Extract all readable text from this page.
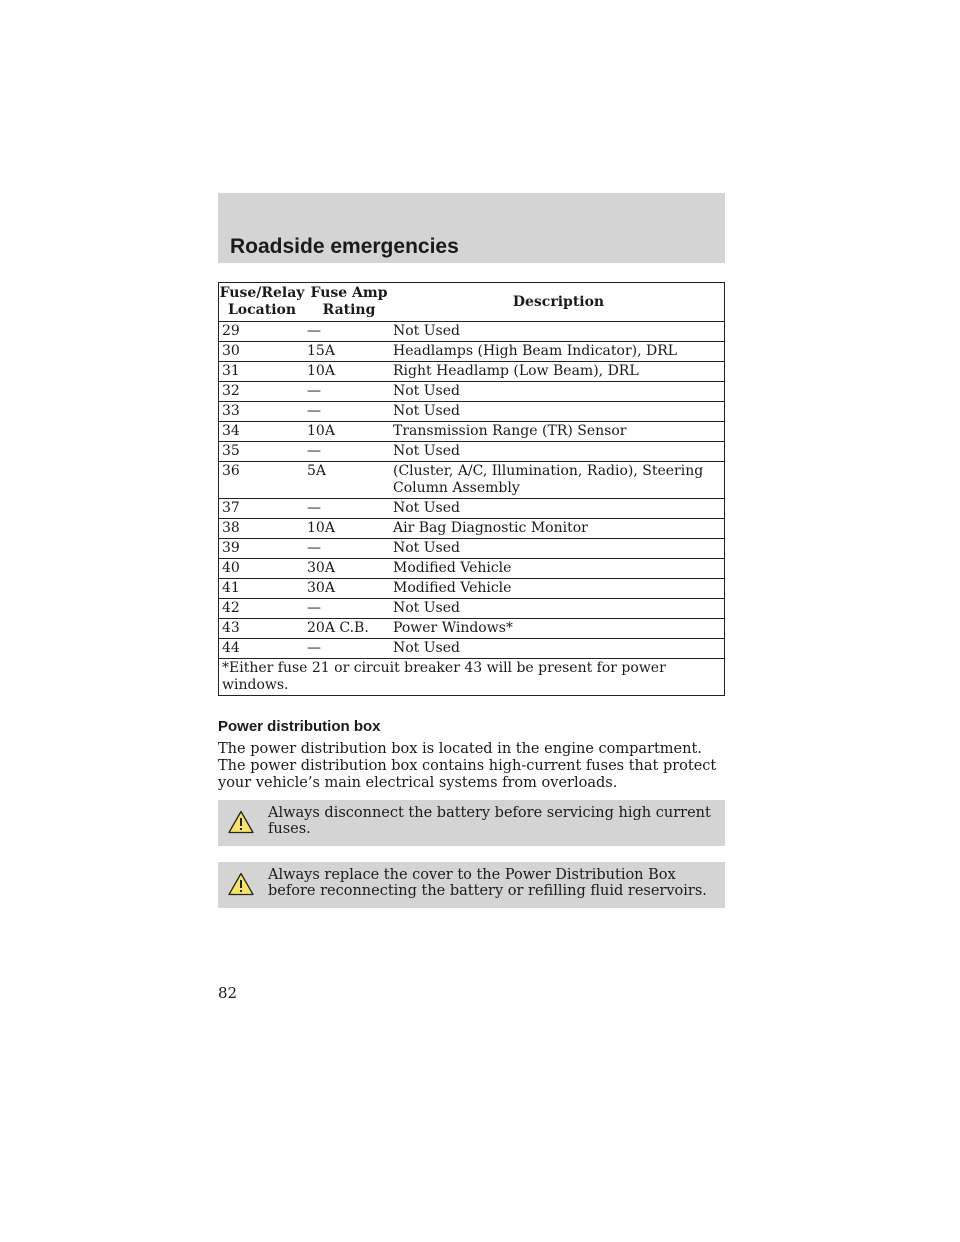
Roadside emergencies
Fuse/Relay Location	Fuse Amp Rating	Description
29	—	Not Used
30	15A	Headlamps (High Beam Indicator), DRL
31	10A	Right Headlamp (Low Beam), DRL
32	—	Not Used
33	—	Not Used
34	10A	Transmission Range (TR) Sensor
35	—	Not Used
36	5A	(Cluster, A/C, Illumination, Radio), Steering Column Assembly
37	—	Not Used
38	10A	Air Bag Diagnostic Monitor
39	—	Not Used
40	30A	Modified Vehicle
41	30A	Modified Vehicle
42	—	Not Used
43	20A C.B.	Power Windows*
44	—	Not Used
*Either fuse 21 or circuit breaker 43 will be present for power windows.		
Power distribution box

The power distribution box is located in the engine compartment. The power distribution box contains high-current fuses that protect your vehicle’s main electrical systems from overloads.

Always disconnect the battery before servicing high current fuses.
Always replace the cover to the Power Distribution Box before reconnecting the battery or refilling fluid reservoirs.
82
